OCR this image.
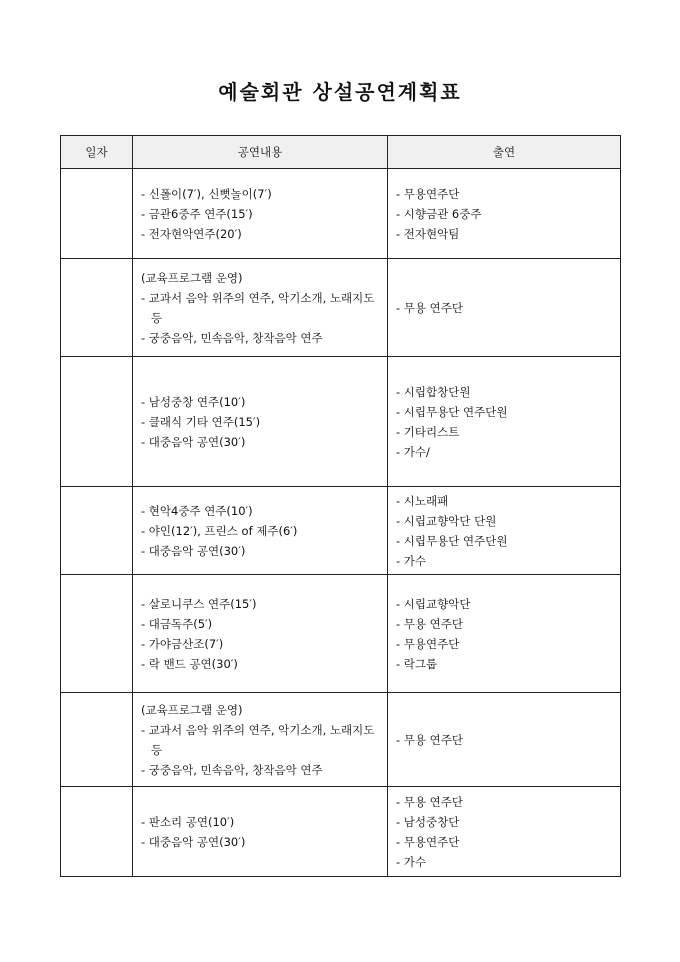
예술회관 상설공연계획표
일자	공연내용	출연

	- 신폴이(7′), 신뻣놀이(7′)
- 금관6중주 연주(15′)
- 전자현악연주(20′)	- 무용연주단
- 시향금관 6중주
- 전자현악팀

	(교육프로그램 운영)
- 교과서 음악 위주의 연주, 악기소개, 노래지도 등
- 궁중음악, 민속음악, 창작음악 연주	- 무용 연주단

	- 남성중창 연주(10′)
- 클래식 기타 연주(15′)
- 대중음악 공연(30′)	- 시립합창단원
- 시립무용단 연주단원
- 기타리스트
- 가수/

	- 현악4중주 연주(10′)
- 야인(12′), 프린스 of 제주(6′)
- 대중음악 공연(30′)	- 시노래패
- 시립교향악단 단원
- 시립무용단 연주단원
- 가수

	- 살로니쿠스 연주(15′)
- 대금독주(5′)
- 가야금산조(7′)
- 락 밴드 공연(30′)	- 시립교향악단
- 무용 연주단
- 무용연주단
- 락그룹

	(교육프로그램 운영)
- 교과서 음악 위주의 연주, 악기소개, 노래지도 등
- 궁중음악, 민속음악, 창작음악 연주	- 무용 연주단

	- 판소리 공연(10′)
- 대중음악 공연(30′)	- 무용 연주단
- 남성중창단
- 무용연주단
- 가수
